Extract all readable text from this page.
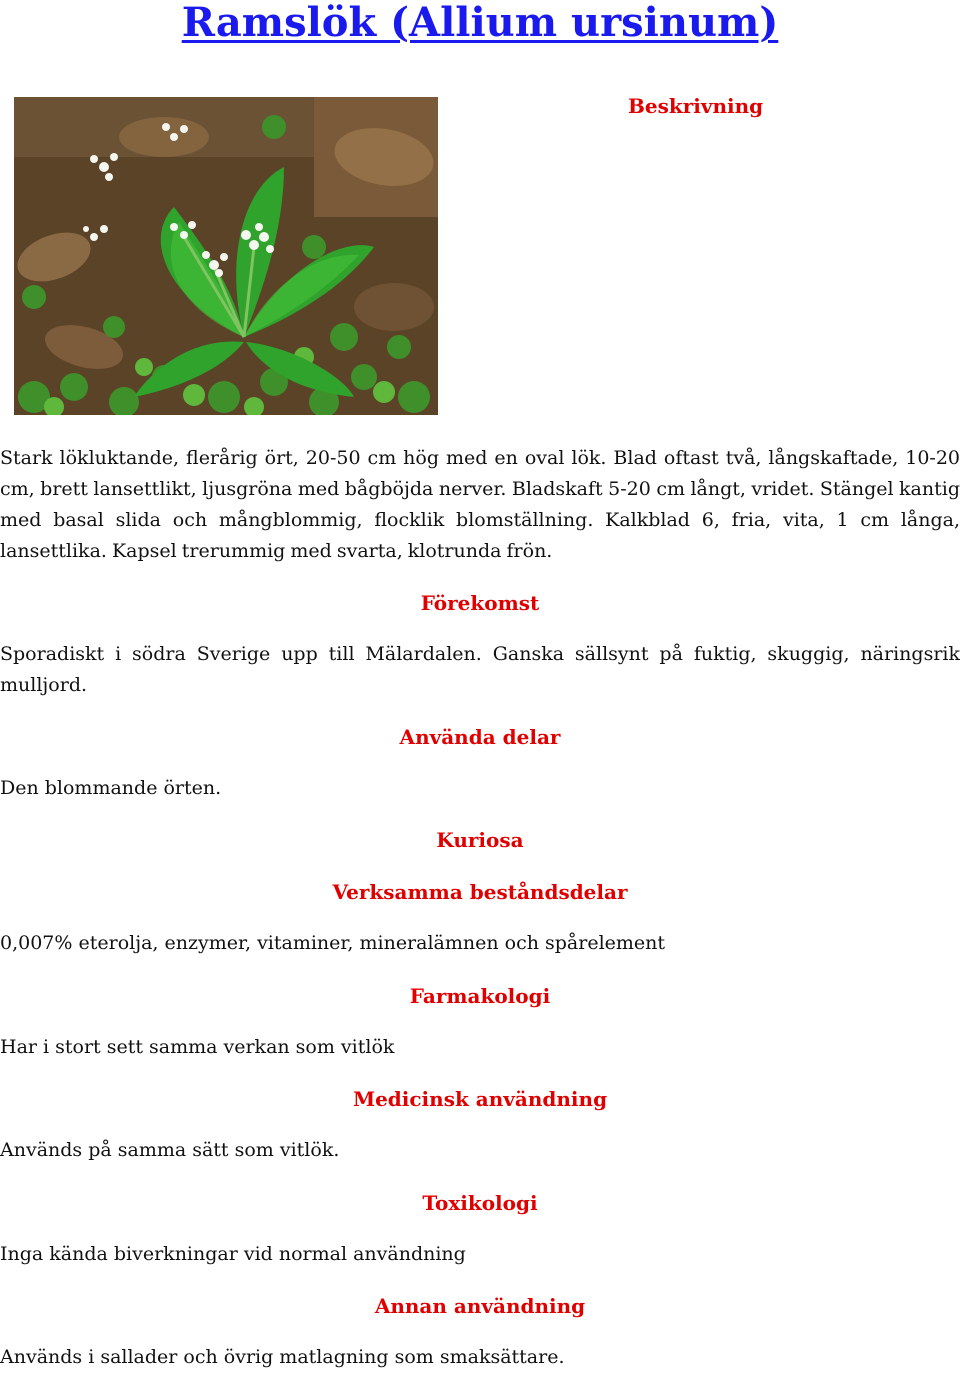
Ramslök (Allium ursinum)
Beskrivning

Stark lökluktande, flerårig ört, 20-50 cm hög med en oval lök. Blad oftast två, långskaftade, 10-20 cm, brett lansettlikt, ljusgröna med bågböjda nerver. Bladskaft 5-20 cm långt, vridet. Stängel kantig med basal slida och mångblommig, flocklik blomställning. Kalkblad 6, fria, vita, 1 cm långa, lansettlika. Kapsel trerummig med svarta, klotrunda frön.

Förekomst

Sporadiskt i södra Sverige upp till Mälardalen. Ganska sällsynt på fuktig, skuggig, näringsrik mulljord.

Använda delar

Den blommande örten.

Kuriosa
Verksamma beståndsdelar

0,007% eterolja, enzymer, vitaminer, mineralämnen och spårelement

Farmakologi

Har i stort sett samma verkan som vitlök

Medicinsk användning

Används på samma sätt som vitlök.

Toxikologi

Inga kända biverkningar vid normal användning

Annan användning

Används i sallader och övrig matlagning som smaksättare.
